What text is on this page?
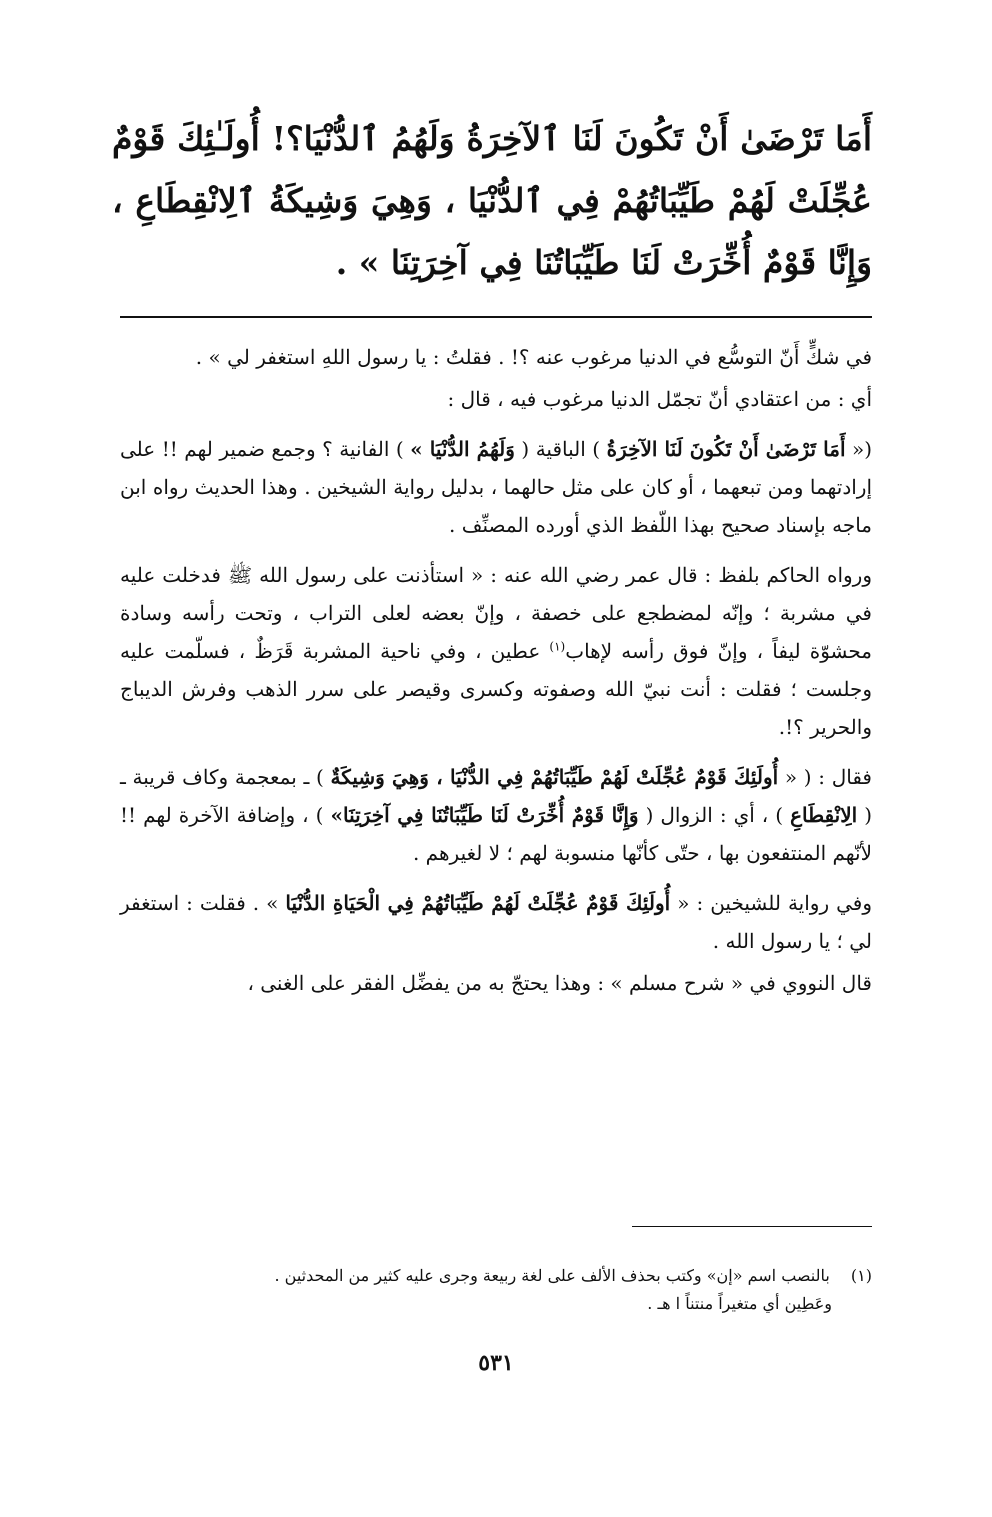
أَمَا تَرْضَىٰ أَنْ تَكُونَ لَنَا ٱلآخِرَةُ وَلَهُمُ ٱلدُّنْيَا؟! أُولَـٰئِكَ قَوْمٌ عُجِّلَتْ لَهُمْ طَيِّبَاتُهُمْ فِي ٱلدُّنْيَا ، وَهِيَ وَشِيكَةُ ٱلِانْقِطَاعِ ، وَإِنَّا قَوْمٌ أُخِّرَتْ لَنَا طَيِّبَاتُنَا فِي آخِرَتِنَا » .

في شكٍّ أَنّ التوسُّع في الدنيا مرغوب عنه ؟! . فقلتُ : يا رسول اللهِ استغفر لي » .

أي : من اعتقادي أنّ تجمّل الدنيا مرغوب فيه ، قال :

(« أَمَا تَرْضَىٰ أَنْ تَكُونَ لَنَا الآخِرَةُ ) الباقية ( وَلَهُمُ الدُّنْيَا » ) الفانية ؟ وجمع ضمير لهم !! على إرادتهما ومن تبعهما ، أو كان على مثل حالهما ، بدليل رواية الشيخين . وهذا الحديث رواه ابن ماجه بإسناد صحيح بهذا اللّفظ الذي أورده المصنِّف .

ورواه الحاكم بلفظ : قال عمر رضي الله عنه : « استأذنت على رسول الله ﷺ فدخلت عليه في مشربة ؛ وإنّه لمضطجع على خصفة ، وإنّ بعضه لعلى التراب ، وتحت رأسه وسادة محشوّة ليفاً ، وإنّ فوق رأسه لإهاب$^{(١)}$ عطين ، وفي ناحية المشربة قَرَظٌ ، فسلّمت عليه وجلست ؛ فقلت : أنت نبيّ الله وصفوته وكسرى وقيصر على سرر الذهب وفرش الديباج والحرير ؟!.

فقال : ( « أُولَئِكَ قَوْمٌ عُجِّلَتْ لَهُمْ طَيِّبَاتُهُمْ فِي الدُّنْيَا ، وَهِيَ وَشِيكَةٌ ) ـ بمعجمة وكاف قريبة ـ ( الِانْقِطَاعِ ) ، أي : الزوال ( وَإِنَّا قَوْمٌ أُخِّرَتْ لَنَا طَيِّبَاتُنَا فِي آخِرَتِنَا» ) ، وإضافة الآخرة لهم !! لأنّهم المنتفعون بها ، حتّى كأنّها منسوبة لهم ؛ لا لغيرهم .

وفي رواية للشيخين : « أُولَئِكَ قَوْمٌ عُجِّلَتْ لَهُمْ طَيِّبَاتُهُمْ فِي الْحَيَاةِ الدُّنْيَا » . فقلت : استغفر لي ؛ يا رسول الله .

قال النووي في « شرح مسلم » : وهذا يحتجّ به من يفضِّل الفقر على الغنى ،

(١) بالنصب اسم «إن» وكتب بحذف الألف على لغة ربيعة وجرى عليه كثير من المحدثين .
وعَطِين أي متغيراً منتناً ا هـ .
٥٣١
